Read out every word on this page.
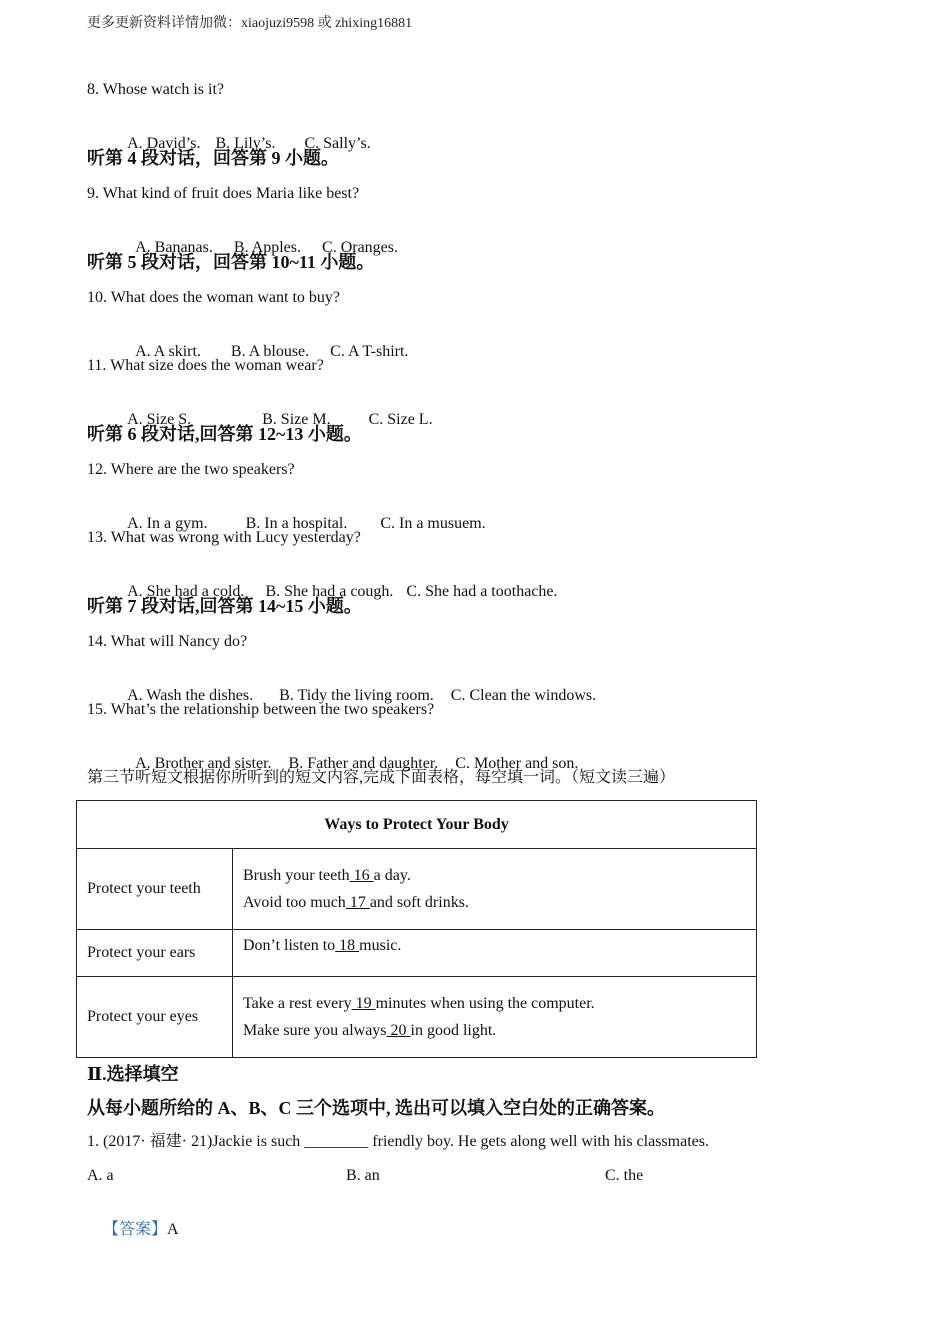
更多更新资料详情加微：xiaojuzi9598 或 zhixing16881
8. Whose watch is it?

A. David’s. B. Lily’s. C. Sally’s.

听第 4 段对话，回答第 9 小题。
9. What kind of fruit does Maria like best?

A. Bananas. B. Apples. C. Oranges.

听第 5 段对话，回答第 10~11 小题。
10. What does the woman want to buy?

A. A skirt. B. A blouse. C. A T-shirt.

11. What size does the woman wear?

A. Size S.	B. Size M. C. Size L.

听第 6 段对话,回答第 12~13 小题。
12. Where are the two speakers?

A. In a gym. B. In a hospital. C. In a musuem.

13. What was wrong with Lucy yesterday?

A. She had a cold. B. She had a cough. C. She had a toothache.

听第 7 段对话,回答第 14~15 小题。
14. What will Nancy do?

A. Wash the dishes. B. Tidy the living room. C. Clean the windows.

15. What’s the relationship between the two speakers?

A. Brother and sister. B. Father and daughter. C. Mother and son.

第三节听短文根据你所听到的短文内容,完成下面表格，每空填一词。（短文读三遍）
Ways to Protect Your Body	
Protect your teeth	Brush your teeth 16 a day.
Avoid too much 17 and soft drinks.

Protect your ears	Don’t listen to 18 music.

Protect your eyes	Take a rest every 19 minutes when using the computer.
Make sure you always 20 in good light.
Ⅱ.选择填空
从每小题所给的 A、B、C 三个选项中, 选出可以填入空白处的正确答案。
1. (2017· 福建· 21)Jackie is such ________ friendly boy. He gets along well with his classmates.
A. a	B. an	C. the

【答案】A
